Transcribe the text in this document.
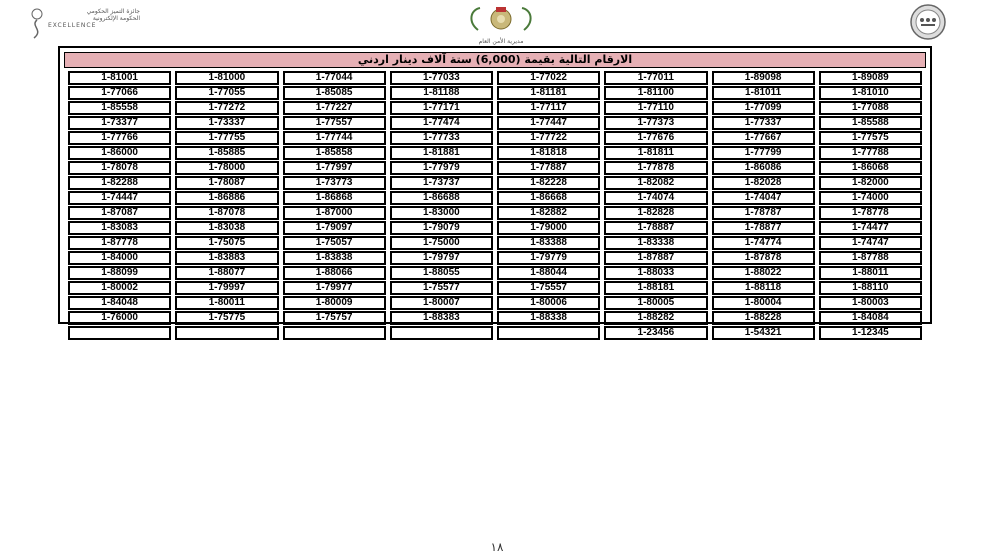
جائزة التميز الحكومي
الحكومة الإلكترونية
EXCELLENCE
مديرية الأمن العام
الارقام التالية بقيمة (6,000) ستة آلاف دينار اردني
1-89089	1-89098	1-77011	1-77022	1-77033	1-77044	1-81000	1-81001
1-81010	1-81011	1-81100	1-81181	1-81188	1-85085	1-77055	1-77066
1-77088	1-77099	1-77110	1-77117	1-77171	1-77227	1-77272	1-85558
1-85588	1-77337	1-77373	1-77447	1-77474	1-77557	1-73337	1-73377
1-77575	1-77667	1-77676	1-77722	1-77733	1-77744	1-77755	1-77766
1-77788	1-77799	1-81811	1-81818	1-81881	1-85858	1-85885	1-86000
1-86068	1-86086	1-77878	1-77887	1-77979	1-77997	1-78000	1-78078
1-82000	1-82028	1-82082	1-82228	1-73737	1-73773	1-78087	1-82288
1-74000	1-74047	1-74074	1-86668	1-86688	1-86868	1-86886	1-74447
1-78778	1-78787	1-82828	1-82882	1-83000	1-87000	1-87078	1-87087
1-74477	1-78877	1-78887	1-79000	1-79079	1-79097	1-83038	1-83083
1-74747	1-74774	1-83338	1-83388	1-75000	1-75057	1-75075	1-87778
1-87788	1-87878	1-87887	1-79779	1-79797	1-83838	1-83883	1-84000
1-88011	1-88022	1-88033	1-88044	1-88055	1-88066	1-88077	1-88099
1-88110	1-88118	1-88181	1-75557	1-75577	1-79977	1-79997	1-80002
1-80003	1-80004	1-80005	1-80006	1-80007	1-80009	1-80011	1-84048
1-84084	1-88228	1-88282	1-88338	1-88383	1-75757	1-75775	1-76000
1-12345	1-54321	1-23456					
١٨
